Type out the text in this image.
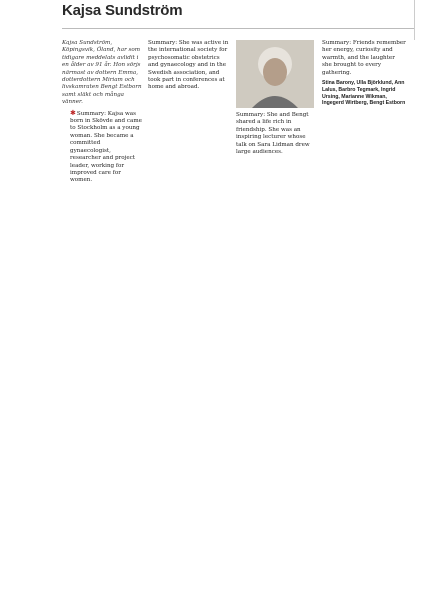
Kajsa Sundström

Kajsa Sundström, Köpingsvik, Öland, har som tidigare meddelats avlidit i en ålder av 91 år. Hon sörjs närmast av dottern Emma, dotterdottern Miriam och livskamraten Bengt Estborn samt släkt och många vänner.

✱Summary: Kajsa was born in Skövde and came to Stockholm as a young woman. She became a committed gynaecologist, researcher and project leader, working for improved care for women.

Summary: She was active in the international society for psychosomatic obstetrics and gynaecology and in the Swedish association, and took part in conferences at home and abroad.

Summary: She and Bengt shared a life rich in friendship. She was an inspiring lecturer whose talk on Sara Lidman drew large audiences.

Summary: Friends remember her energy, curiosity and warmth, and the laughter she brought to every gathering.

Stina Barony, Ulla Björklund, Ann Lalus, Barbro Tegmark, Ingrid Ursing, Marianne Wikman, Ingegerd Wirtberg, Bengt Estborn
